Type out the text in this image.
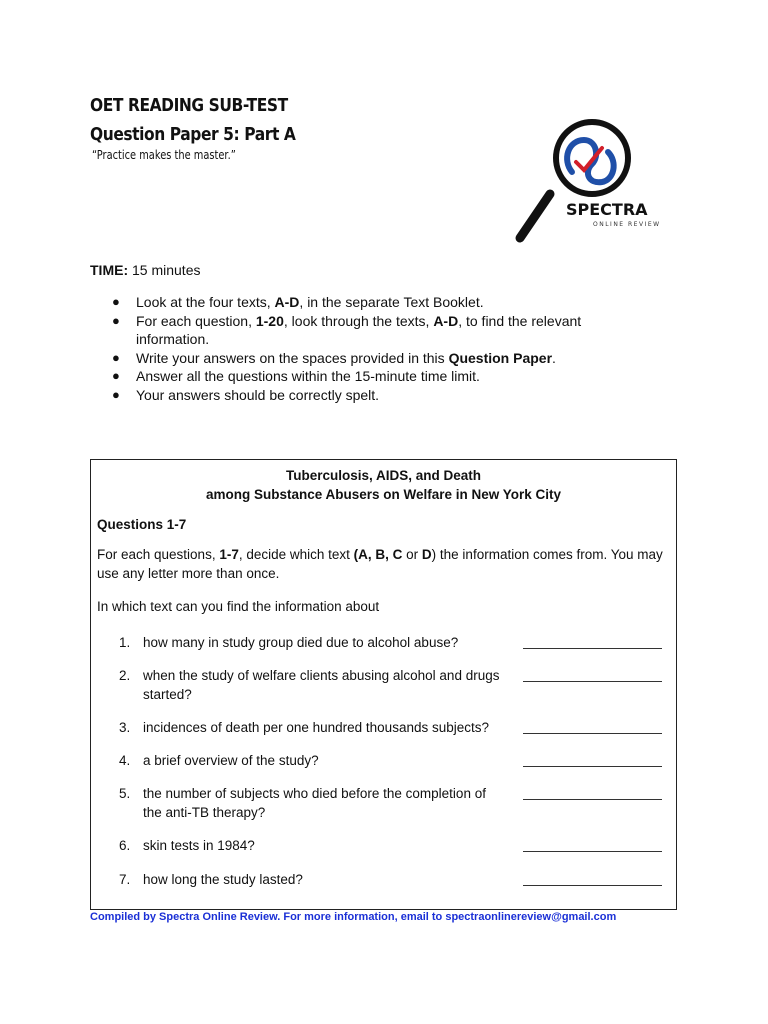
OET READING SUB-TEST
Question Paper 5: Part A
“Practice makes the master.”
SPECTRA
ONLINE REVIEW
TIME: 15 minutes
● Look at the four texts, A-D, in the separate Text Booklet.
● For each question, 1-20, look through the texts, A-D, to find the relevant information.
● Write your answers on the spaces provided in this Question Paper.
● Answer all the questions within the 15-minute time limit.
● Your answers should be correctly spelt.
Tuberculosis, AIDS, and Death
among Substance Abusers on Welfare in New York City
Questions 1-7
For each questions, 1-7, decide which text (A, B, C or D) the information comes from. You may use any letter more than once.
In which text can you find the information about
1. how many in study group died due to alcohol abuse?
2. when the study of welfare clients abusing alcohol and drugs started?
3. incidences of death per one hundred thousands subjects?
4. a brief overview of the study?
5. the number of subjects who died before the completion of the anti-TB therapy?
6. skin tests in 1984?
7. how long the study lasted?
Compiled by Spectra Online Review. For more information, email to spectraonlinereview@gmail.com
